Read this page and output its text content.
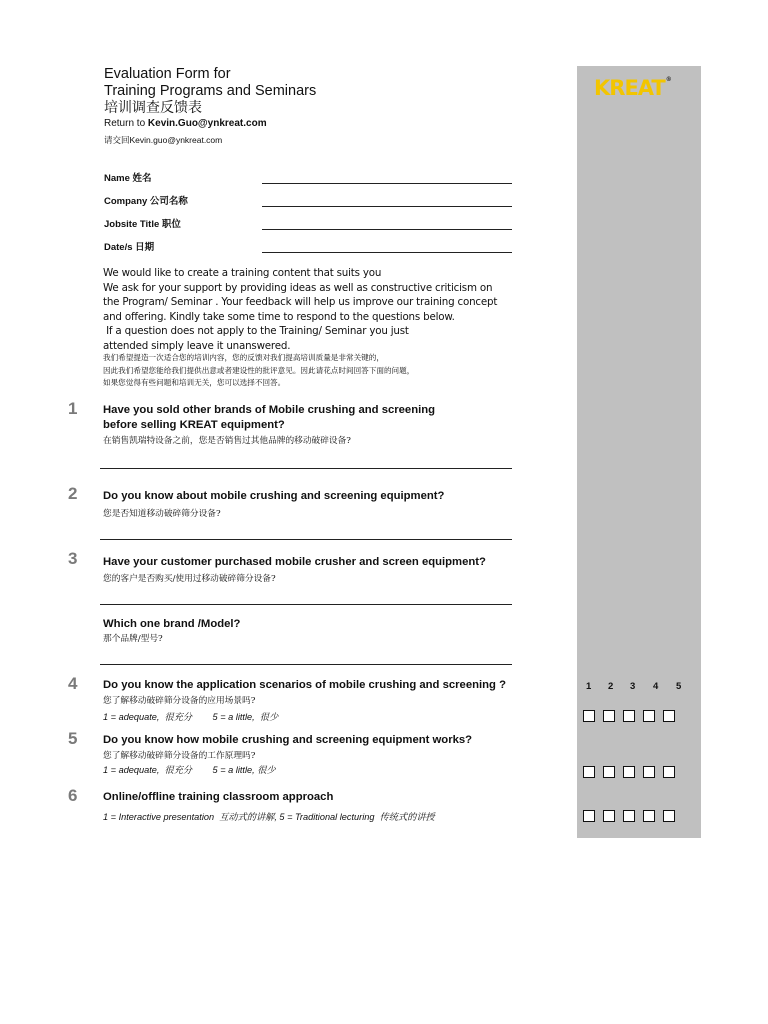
Evaluation Form for
Training Programs and Seminars
培训调查反馈表
Return to Kevin.Guo@ynkreat.com
请交回Kevin.guo@ynkreat.com
KREAT®
Name 姓名
Company 公司名称
Jobsite Title 职位
Date/s 日期
We would like to create a training content that suits you
We ask for your support by providing ideas as well as constructive criticism on
the Program/ Seminar . Your feedback will help us improve our training concept
and offering. Kindly take some time to respond to the questions below.
If a question does not apply to the Training/ Seminar you just
attended simply leave it unanswered.
我们希望提造一次适合您的培训内容，您的反馈对我们提高培训质量是非常关键的，
因此我们希望您能给我们提供出意或者建设性的批评意见。因此请花点时间回答下面的问题，
如果您觉得有些问题和培训无关，您可以选择不回答。
1 Have you sold other brands of Mobile crushing and screening
before selling KREAT equipment?
在销售凯瑞特设备之前，您是否销售过其他品牌的移动破碎设备?
2 Do you know about mobile crushing and screening equipment?
您是否知道移动破碎筛分设备?
3 Have your customer purchased mobile crusher and screen equipment?
您的客户是否购买/使用过移动破碎筛分设备?
Which one brand /Model?
那个品牌/型号?
1 2 3 4 5
4 Do you know the application scenarios of mobile crushing and screening ?
您了解移动破碎筛分设备的应用场景吗?
1 = adequate,  很充分        5 = a little,  很少
5 Do you know how mobile crushing and screening equipment works?
您了解移动破碎筛分设备的工作原理吗?
1 = adequate,  很充分        5 = a little, 很少
6 Online/offline training classroom approach
1 = Interactive presentation  互动式的讲解, 5 = Traditional lecturing  传统式的讲授
